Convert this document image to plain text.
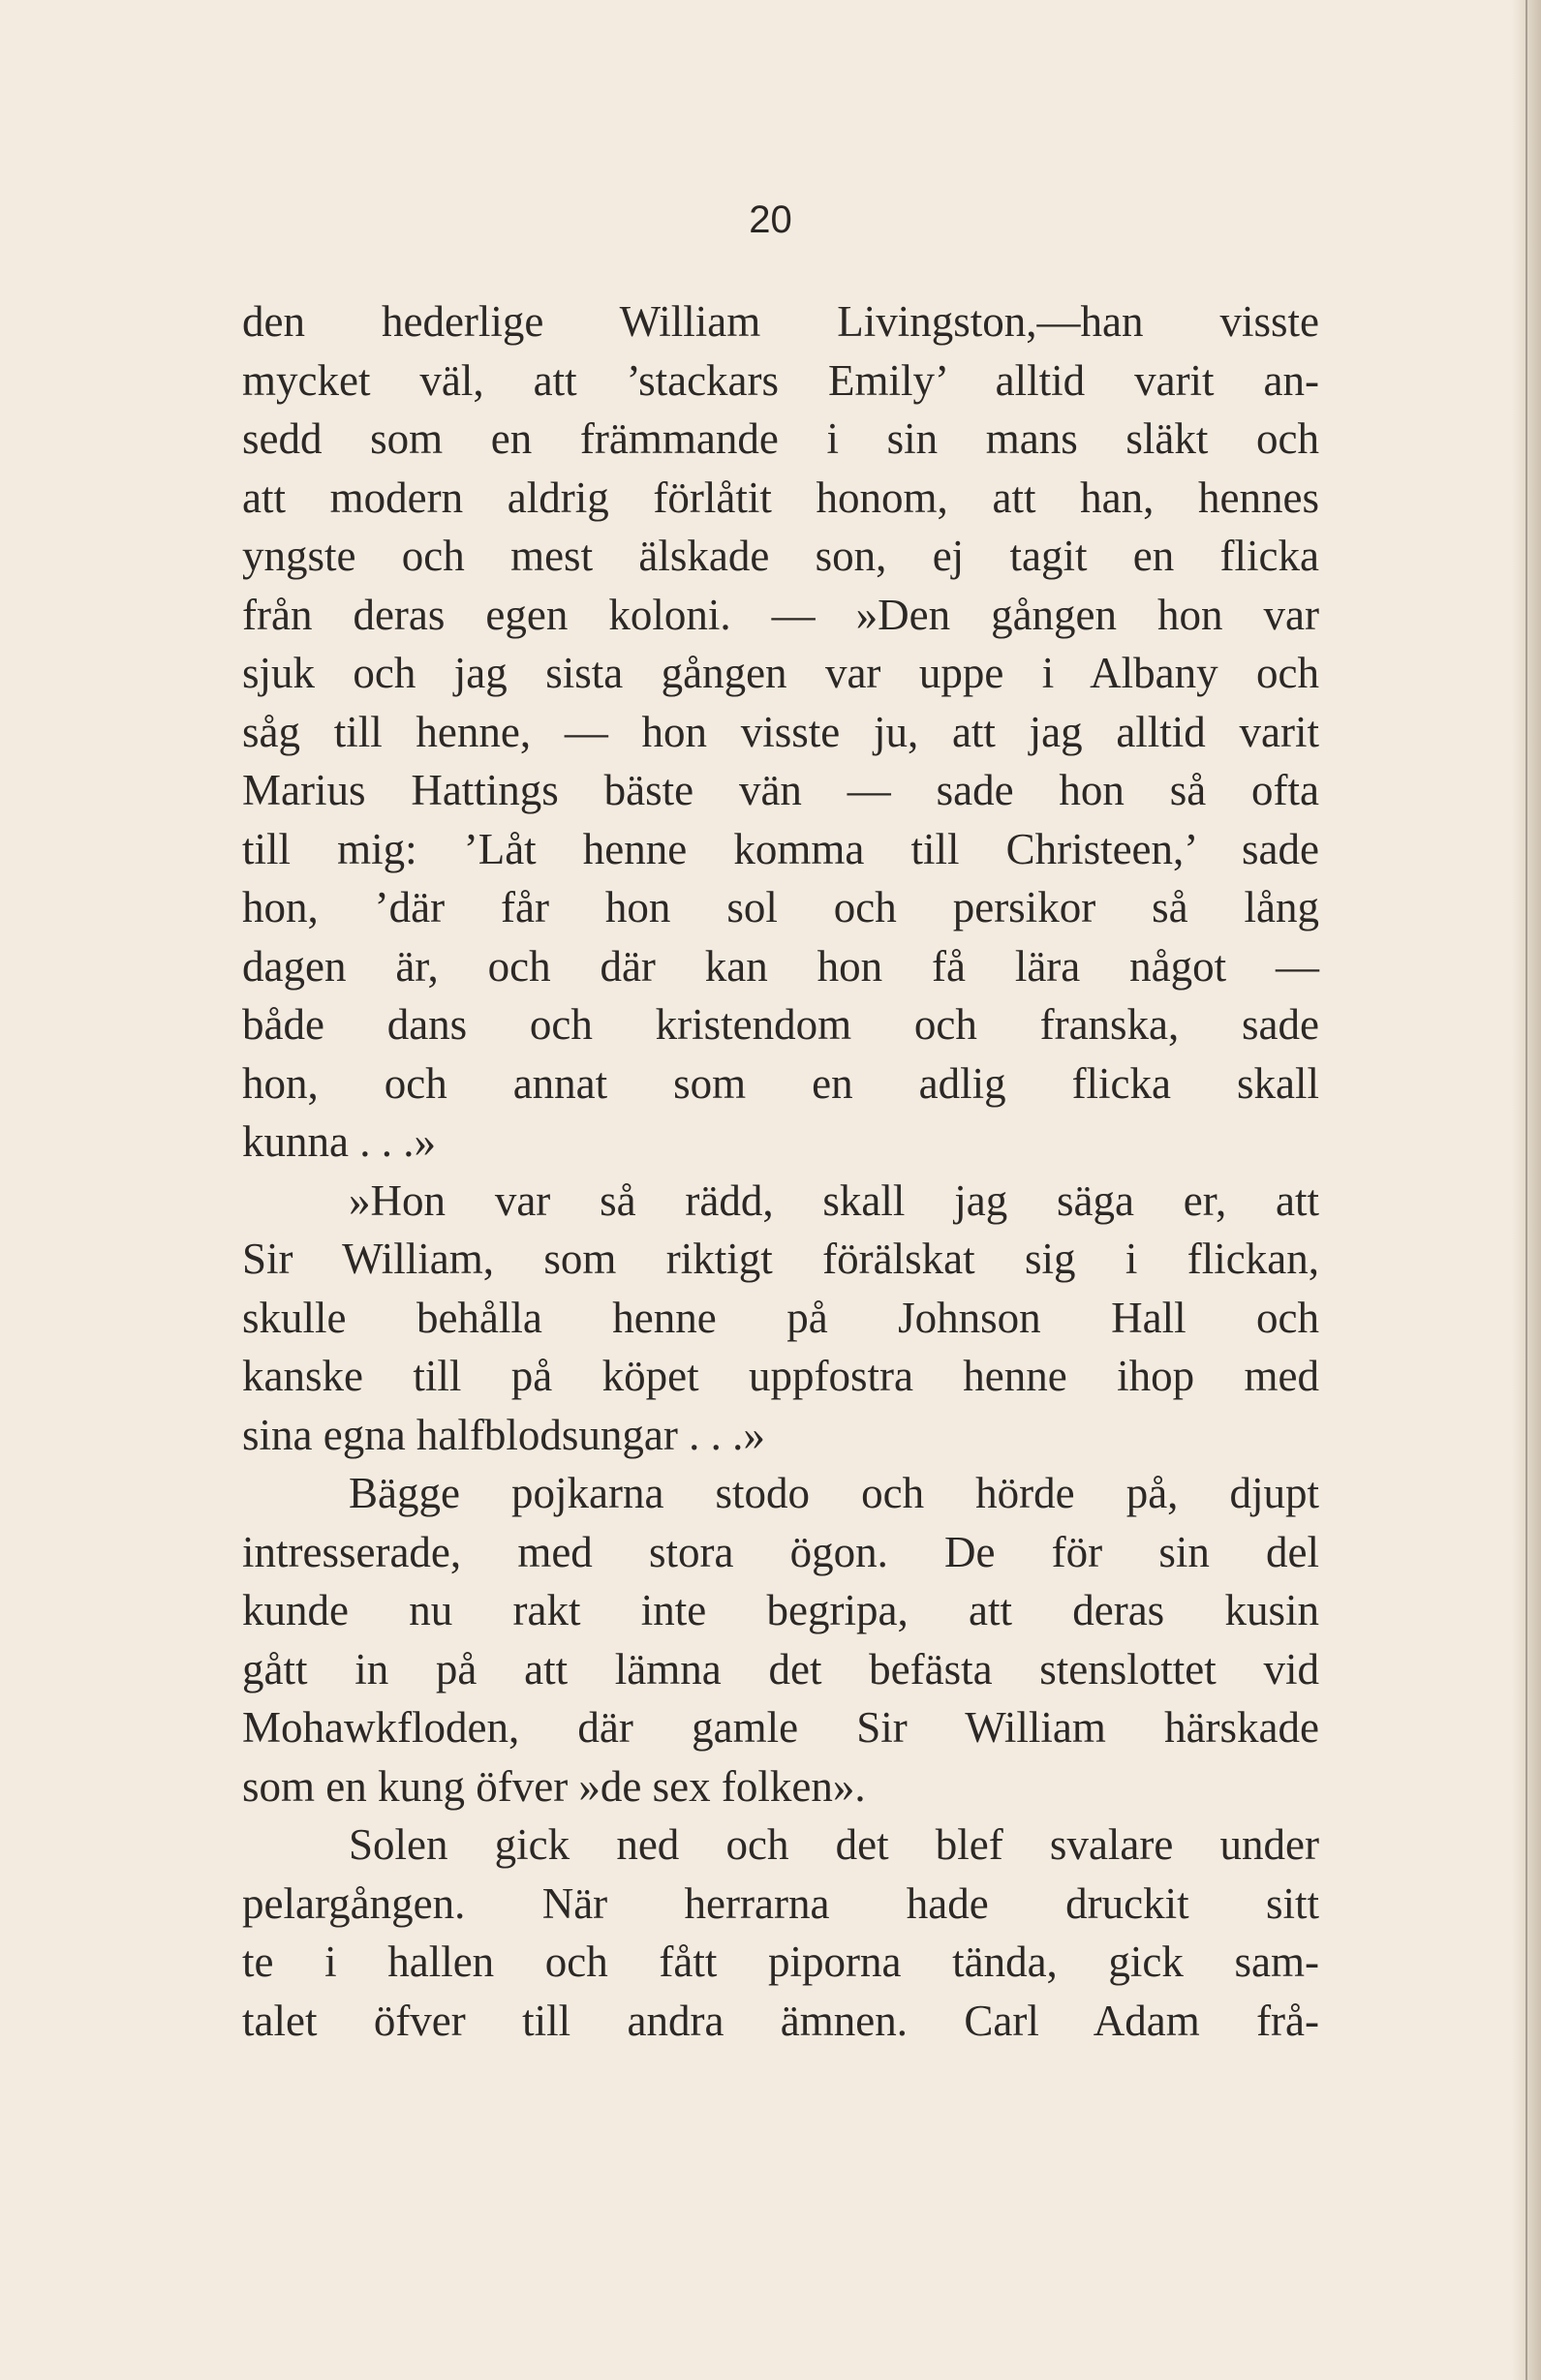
20
den hederlige William Livingston,—han visste
mycket väl, att ’stackars Emily’ alltid varit an-
sedd som en främmande i sin mans släkt och
att modern aldrig förlåtit honom, att han, hennes
yngste och mest älskade son, ej tagit en flicka
från deras egen koloni. — »Den gången hon var
sjuk och jag sista gången var uppe i Albany och
såg till henne, — hon visste ju, att jag alltid varit
Marius Hattings bäste vän — sade hon så ofta
till mig: ’Låt henne komma till Christeen,’ sade
hon, ’där får hon sol och persikor så lång
dagen är, och där kan hon få lära något —
både dans och kristendom och franska, sade
hon, och annat som en adlig flicka skall
kunna . . .»
»Hon var så rädd, skall jag säga er, att
Sir William, som riktigt förälskat sig i flickan,
skulle behålla henne på Johnson Hall och
kanske till på köpet uppfostra henne ihop med
sina egna halfblodsungar . . .»
Bägge pojkarna stodo och hörde på, djupt
intresserade, med stora ögon. De för sin del
kunde nu rakt inte begripa, att deras kusin
gått in på att lämna det befästa stenslottet vid
Mohawkfloden, där gamle Sir William härskade
som en kung öfver »de sex folken».
Solen gick ned och det blef svalare under
pelargången. När herrarna hade druckit sitt
te i hallen och fått piporna tända, gick sam-
talet öfver till andra ämnen. Carl Adam frå-
